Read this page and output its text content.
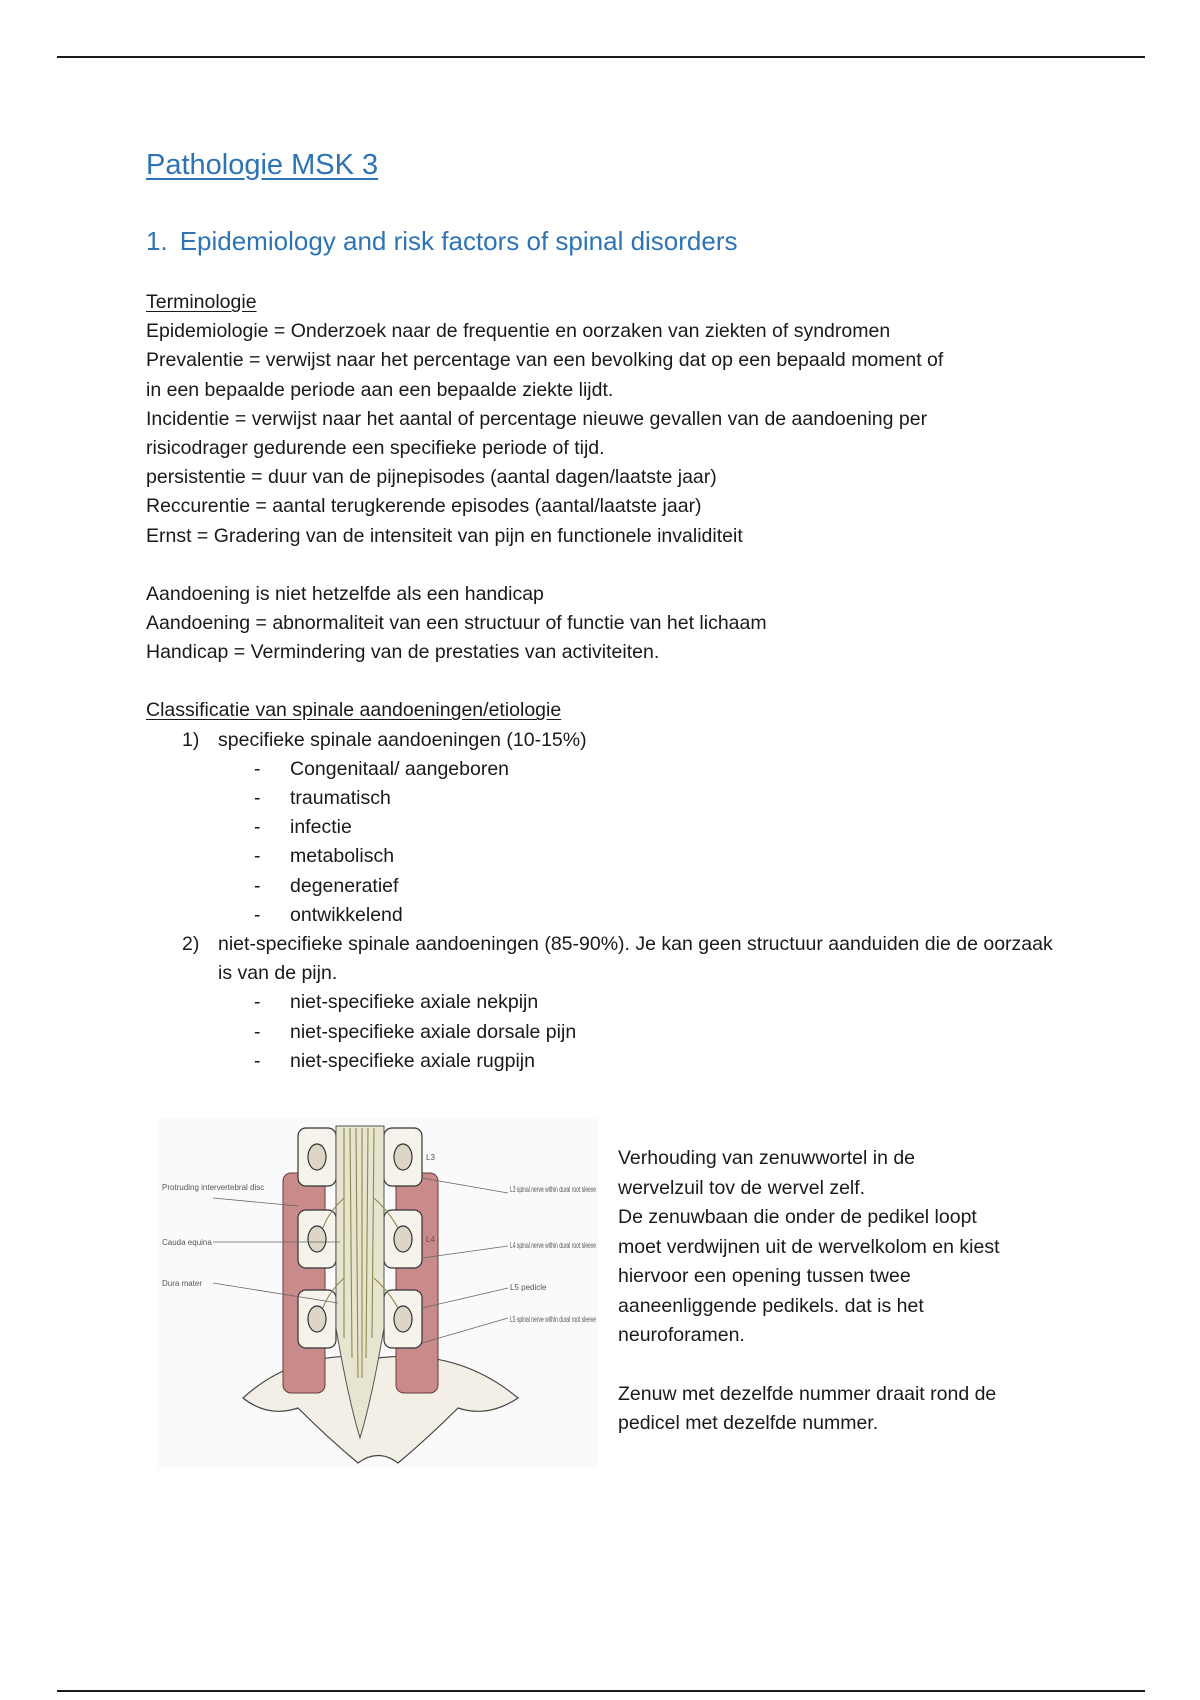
Pathologie MSK 3
1. Epidemiology and risk factors of spinal disorders

Terminologie

Epidemiologie = Onderzoek naar de frequentie en oorzaken van ziekten of syndromen

Prevalentie = verwijst naar het percentage van een bevolking dat op een bepaald moment of

in een bepaalde periode aan een bepaalde ziekte lijdt.

Incidentie = verwijst naar het aantal of percentage nieuwe gevallen van de aandoening per

risicodrager gedurende een specifieke periode of tijd.

persistentie = duur van de pijnepisodes (aantal dagen/laatste jaar)

Reccurentie = aantal terugkerende episodes (aantal/laatste jaar)

Ernst = Gradering van de intensiteit van pijn en functionele invaliditeit

Aandoening is niet hetzelfde als een handicap

Aandoening = abnormaliteit van een structuur of functie van het lichaam

Handicap = Vermindering van de prestaties van activiteiten.

Classificatie van spinale aandoeningen/etiologie

1) specifieke spinale aandoeningen (10-15%)
- Congenitaal/ aangeboren
- traumatisch
- infectie
- metabolisch
- degeneratief
- ontwikkelend
2) niet-specifieke spinale aandoeningen (85-90%). Je kan geen structuur aanduiden die de oorzaak is van de pijn.
- niet-specifieke axiale nekpijn
- niet-specifieke axiale dorsale pijn
- niet-specifieke axiale rugpijn
Protruding intervertebral disc
Cauda equina
Dura mater
L3
L4
L3 spinal nerve within dural root sleeve
L4 spinal nerve within dural root sleeve
L5 pedicle
L5 spinal nerve within dural root sleeve

Verhouding van zenuwwortel in de

wervelzuil tov de wervel zelf.

De zenuwbaan die onder de pedikel loopt

moet verdwijnen uit de wervelkolom en kiest

hiervoor een opening tussen twee

aaneenliggende pedikels. dat is het

neuroforamen.

Zenuw met dezelfde nummer draait rond de

pedicel met dezelfde nummer.
